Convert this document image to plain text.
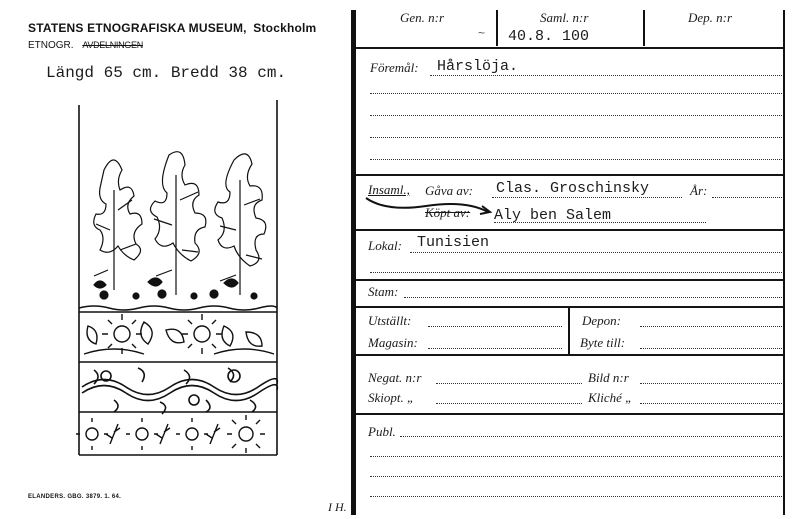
STATENS ETNOGRAFISKA MUSEUM, Stockholm
ETNOGR. AVDELNINGEN
Längd 65 cm. Bredd 38 cm.
ELANDERS. GBG. 3879. 1. 64.
I H.
Gen. n:r
~
Saml. n:r
40.8. 100
Dep. n:r
Föremål: Hårslöja.
Insaml., Gåva av: Clas. Groschinsky	År:
Köpt av: Aly ben Salem
Lokal: Tunisien
Stam:
Utställt:
Magasin:
Depon:
Byte till:
Negat. n:r	Bild n:r
Skiopt. „	Kliché „
Publ.
